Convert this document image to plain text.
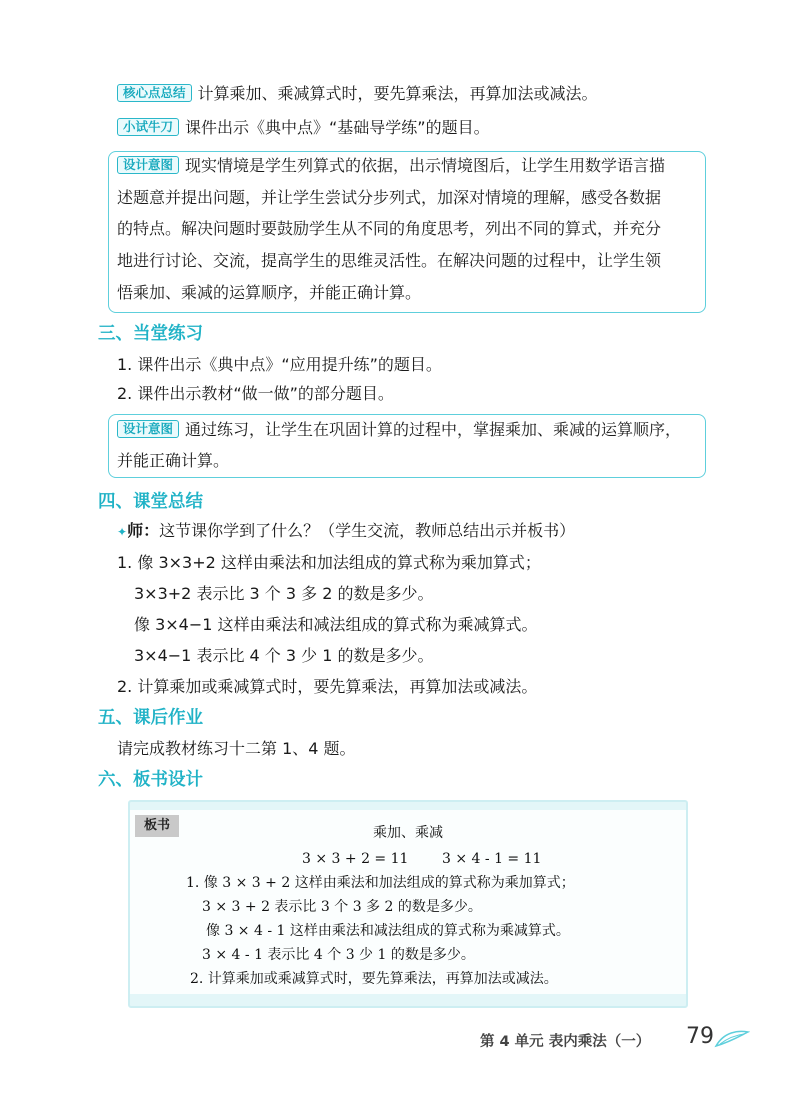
核心点总结 计算乘加、乘减算式时，要先算乘法，再算加法或减法。
小试牛刀 课件出示《典中点》“基础导学练”的题目。
设计意图 现实情境是学生列算式的依据，出示情境图后，让学生用数学语言描
述题意并提出问题，并让学生尝试分步列式，加深对情境的理解，感受各数据
的特点。解决问题时要鼓励学生从不同的角度思考，列出不同的算式，并充分
地进行讨论、交流，提高学生的思维灵活性。在解决问题的过程中，让学生领
悟乘加、乘减的运算顺序，并能正确计算。
三、当堂练习
1. 课件出示《典中点》“应用提升练”的题目。
2. 课件出示教材“做一做”的部分题目。
设计意图 通过练习，让学生在巩固计算的过程中，掌握乘加、乘减的运算顺序，
并能正确计算。
四、课堂总结
✦师：这节课你学到了什么？（学生交流，教师总结出示并板书）
1. 像 3×3+2 这样由乘法和加法组成的算式称为乘加算式；
3×3+2 表示比 3 个 3 多 2 的数是多少。
像 3×4−1 这样由乘法和减法组成的算式称为乘减算式。
3×4−1 表示比 4 个 3 少 1 的数是多少。
2. 计算乘加或乘减算式时，要先算乘法，再算加法或减法。
五、课后作业
请完成教材练习十二第 1、4 题。
六、板书设计
板书	乘加、乘减
3 × 3 + 2 = 11 3 × 4 - 1 = 11
1. 像 3 × 3 + 2 这样由乘法和加法组成的算式称为乘加算式；
3 × 3 + 2 表示比 3 个 3 多 2 的数是多少。
像 3 × 4 - 1 这样由乘法和减法组成的算式称为乘减算式。
3 × 4 - 1 表示比 4 个 3 少 1 的数是多少。
2. 计算乘加或乘减算式时，要先算乘法，再算加法或减法。
第 4 单元 表内乘法（一） 79
